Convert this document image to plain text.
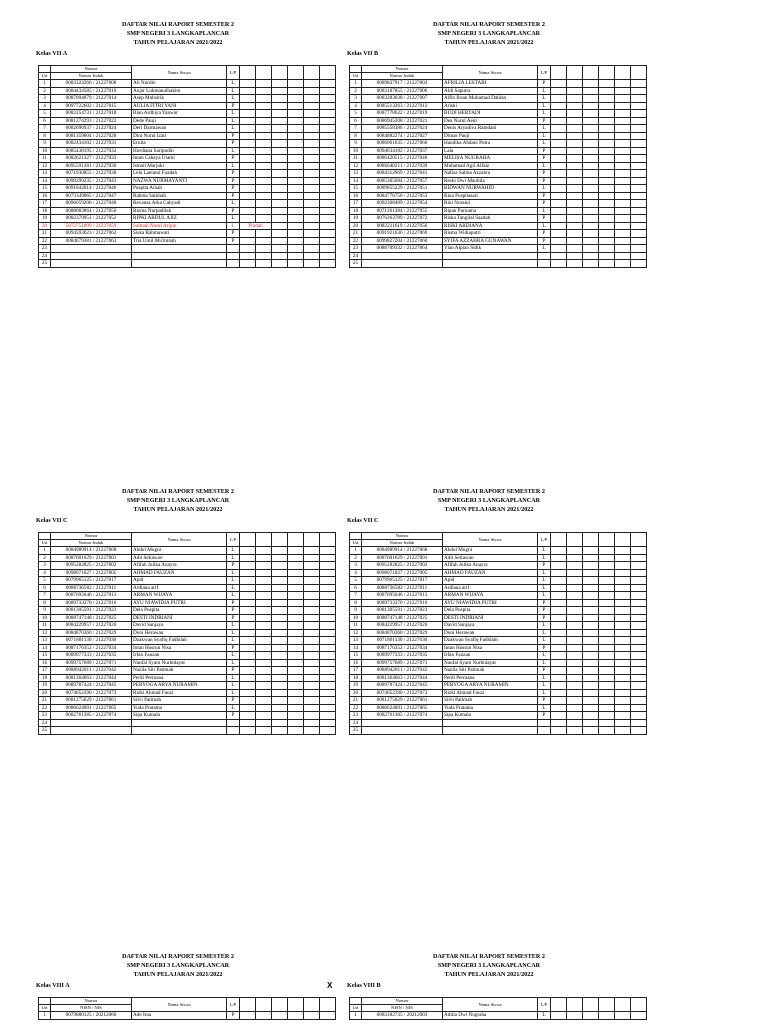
DAFTAR NILAI RAPORT SEMESTER 2
SMP NEGERI 3 LANGKAPLANCAR
TAHUN PELAJARAN 2021/2022
Kelas VII A
	Nomor	Nama Siswa	L/P						
Urt	Nomor Induk								
1	0083323266 / 21227008	Ali Nurdin	L						
2	0084434585 / 21227010	Anjar Lukmanulhakim	L						
3	0087094079 / 21227014	Asep Muhsirik	L						
4	0097722602 / 21227015	AULIA FITRI YANI	P						
5	0082254731 / 21227018	Bian Ardhiya Yanwar	L						
6	0081274293 / 21227022	Dede Pauji	L						
7	0082696937 / 21227024	Deri Darmawan	L						
8	0081359604 / 21227028	Dini Nurul Izati	P						
9	0082434102 / 21227031	Ernita	P						
10	0085438195 / 21227032	Hordiana Saripudin	L						
11	0082621327 / 21227033	Intan Cahaya Utami	P						
12	0095591381 / 21227036	Ismail Marjuki	L						
13	0071930855 / 21227038	Lela Laelatul Fuadah	P						
14	0099299235 / 21227043	NAZWA NURMAYANTI	P						
15	0091842014 / 21227046	Puspita Ainah	P						
16	0073349065 / 21227047	Rahma Salimah	P						
17	0096659206 / 21227048	Revansa Arka Cahyadi	L						
18	0088083864 / 21227050	Rizma Nurpadilah	P						
19	0082370951 / 21227052	RIPKI ABDUL AJIZ	L						
20	5072751899 / 21227059	Salman Nurul Aripin	L	Pindah					
21	0094593023 / 21227062	Siska Rahmawati	P						
22	0084679381 / 21227063	Tria Umil Mu'minah	P						
23									
24									
25									
DAFTAR NILAI RAPORT SEMESTER 2
SMP NEGERI 3 LANGKAPLANCAR
TAHUN PELAJARAN 2021/2022
Kelas VII B
	Nomor	Nama Siswa	L/P						
Urt	Nomor Induk								
1	0089837917 / 21227003	AFRILIA LESTARI	P						
2	0083187855 / 21227006	Aldi Saputra	L						
3	0083283038 / 21227007	Alfin Ihsan Muhamad Dahlan	L						
4	0085513263 / 21227012	Ariski	L						
5	0087778622 / 21227019	BUDI HERYADI	L						
6	0086945208 / 21227021	Dea Nurul Aeni	P						
7	0085558386 / 21227024	Denis Aryadiva Ramdani	L						
8	0084882274 / 21227027	Dimas Pauji	L						
9	0086061635 / 21227066	Handika Ahdani Putra	L						
10	0094634182 / 21227037	Lala	P						
11	0086420515 / 21227040	MELISA NUGRAHA	P						
12	0086640211 / 21227039	Muhamad Agil Alfaiz	L						
13	0084312969 / 21227041	Nafisa Salma Azzahra	P						
14	0085305084 / 21227057	Reski Dwi Maulida	P						
15	0089855229 / 21227051	RIDWAN NURWAHID	L						
16	0084776756 / 21227053	Rina Puspitasari	P						
17	0092308489 / 21227054	Rini Nuraini	P						
18	0071261384 / 21227055	Ripan Purnama	L						
19	0076263789 / 21227072	Riska Tangilal Saadah	P						
20	0082211619 / 21227056	RISKI ARDIANA	L						
21	0091921636 / 21227069	Risma Widiaputri	P						
22	0099827204 / 21227060	SYIFA AZZAHRA GUNAWAN	P						
23	0088709332 / 21227064	Yian Alpian Sidik	L						
24									
25									
DAFTAR NILAI RAPORT SEMESTER 2
SMP NEGERI 3 LANGKAPLANCAR
TAHUN PELAJARAN 2021/2022
Kelas VII C
	Nomor	Nama Siswa	L/P						
Urt	Nomor Induk								
1	0084989914 / 21227068	Abdul Mugni	L						
2	0087601629 / 21227001	Adit Setiawan	L						
3	0095282825 / 21227002	Afifah Julika Anayra	P						
4	0098071027 / 21227005	AHMAD FAUZAN	L						
5	0079965125 / 21227017	Apid	L						
6	0088736582 / 21227011	Ardiana arif	L						
7	0087695646 / 21227013	ARMAN WIJAYA	L						
8	0089733370 / 21227016	AYU NIAWIDIA PUTRI	P						
9	0081305591 / 21227023	Dela Puspita	P						
10	0088747148 / 21227025	DESTI INDRIANI	P						
11	0084229957 / 21227020	David Sanjaya	L						
12	0084870360 / 21227029	Doni Herawan	L						
13	0071801130 / 21227030	Dzakwan Syafiq Fadhilah	L						
14	0087176352 / 21227034	Intan Hosrun Nisa	P						
15	0089977333 / 21227035	Irfan Fauzan	L						
16	0099757689 / 21227071	Naufal Syam Nurbidayat	L						
17	0088942011 / 21227042	Nazila Siti Patimah	P						
18	0081364663 / 21227044	Perdi Permana	L						
19	0089787424 / 21227045	PERYOGA ARYA NURAMIN	L						
20	0074652390 / 21227073	Rizki Ahmad Fauzi	L						
21	0081275629 / 21227061	Silvi Patimah	P						
22	0086624091 / 21227065	Yuda Pratama	L						
23	0082761385 / 21227074	Sipa Kumala	P						
24									
25									
DAFTAR NILAI RAPORT SEMESTER 2
SMP NEGERI 3 LANGKAPLANCAR
TAHUN PELAJARAN 2021/2022
Kelas VII C
	Nomor	Nama Siswa	L/P						
Urt	Nomor Induk								
1	0084989914 / 21227068	Abdul Mugni	L						
2	0087601629 / 21227001	Adit Setiawan	L						
3	0095282825 / 21227002	Afifah Julika Anayra	P						
4	0098071027 / 21227005	AHMAD FAUZAN	L						
5	0079965125 / 21227017	Apid	L						
6	0088736582 / 21227011	Ardiana arif	L						
7	0087695646 / 21227013	ARMAN WIJAYA	L						
8	0089733370 / 21227016	AYU NIAWIDIA PUTRI	P						
9	0081305591 / 21227023	Dela Puspita	P						
10	0088747148 / 21227025	DESTI INDRIANI	P						
11	0084229957 / 21227020	David Sanjaya	L						
12	0084870360 / 21227029	Doni Herawan	L						
13	0071801130 / 21227030	Dzakwan Syafiq Fadhilah	L						
14	0087176352 / 21227034	Intan Hosrun Nisa	P						
15	0089977333 / 21227035	Irfan Fauzan	L						
16	0099757689 / 21227071	Naufal Syam Nurbidayat	L						
17	0088942011 / 21227042	Nazila Siti Patimah	P						
18	0081364663 / 21227044	Perdi Permana	L						
19	0089787424 / 21227045	PERYOGA ARYA NURAMIN	L						
20	0074652390 / 21227073	Rizki Ahmad Fauzi	L						
21	0081275629 / 21227061	Silvi Patimah	P						
22	0086624091 / 21227065	Yuda Pratama	L						
23	0082761385 / 21227074	Sipa Kumala	P						
24									
25									
DAFTAR NILAI RAPORT SEMESTER 2
SMP NEGERI 3 LANGKAPLANCAR
TAHUN PELAJARAN 2021/2022
Kelas VIII A
	Nomor	Nama Siswa	L/P						
Urt	NISN / NIS								
1	0079880125 / 20212066	Ade Irna	P						
DAFTAR NILAI RAPORT SEMESTER 2
SMP NEGERI 3 LANGKAPLANCAR
TAHUN PELAJARAN 2021/2022
Kelas VIII B
	Nomor	Nama Siswa	L/P						
Urt	NISN / NIS								
1	0083182735 / 20212003	Aditia Dwi Nugraha	L						
X
